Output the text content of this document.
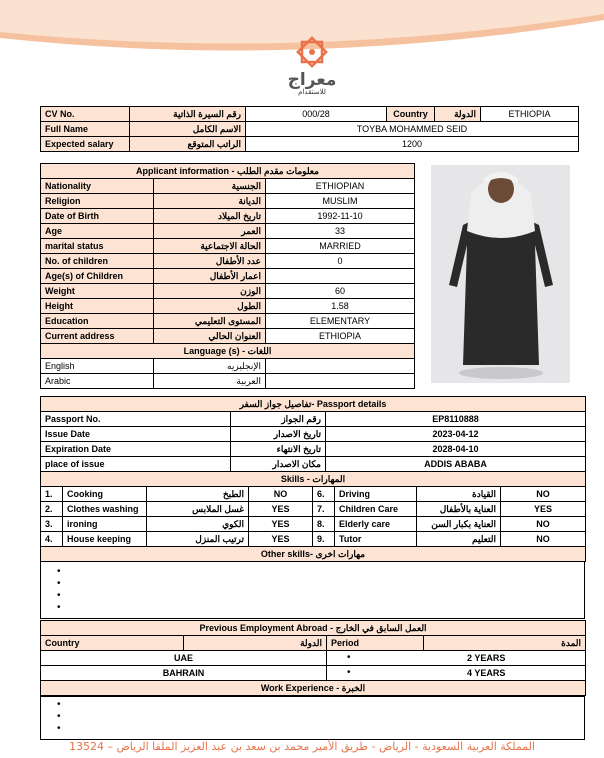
معراج
للاستقدام
CV No.	رقم السيرة الذاتية	000/28	Country	الدولة	ETHIOPIA
Full Name	الاسم الكامل	TOYBA MOHAMMED SEID			
Expected salary	الراتب المتوقع	1200			
Applicant information - معلومات مقدم الطلب		
Nationality	الجنسية	ETHIOPIAN
Religion	الديانة	MUSLIM
Date of Birth	تاريخ الميلاد	1992-11-10
Age	العمر	33
marital status	الحالة الاجتماعية	MARRIED
No. of children	عدد الأطفال	0
Age(s) of Children	اعمار الأطفال	
Weight	الوزن	60
Height	الطول	1.58
Education	المستوى التعليمي	ELEMENTARY
Current address	العنوان الحالي	ETHIOPIA
Language (s) - اللغات		
English	الإنجليزيه	
Arabic	العربية	
تفاصيل جواز السفر- Passport details		
Passport No.	رقم الجواز	EP8110888
Issue Date	تاريخ الاصدار	2023-04-12
Expiration Date	تاريخ الانتهاء	2028-04-10
place of issue	مكان الاصدار	ADDIS ABABA
Skills - المهارات		
1.	Cooking	الطبخ	NO	6.	Driving	القيادة	NO
2.	Clothes washing	غسل الملابس	YES	7.	Children Care	العناية بالأطفال	YES
3.	ironing	الكوي	YES	8.	Elderly care	العناية بكبار السن	NO
4.	House keeping	ترتيب المنزل	YES	9.	Tutor	التعليم	NO
Other skills- مهارات اخرى							
•
•
•
•
Previous Employment Abroad - العمل السابق في الخارج			
Country	الدولة	Period	المدة
UAE		• 2 YEARS	

BAHRAIN		• 4 YEARS	

Work Experience - الخبرة			
•
•
•
المملكة العربية السعودية - الرياض - طريق الأمير محمد بن سعد بن عبد العزيز الملقا الرياض – 13524
